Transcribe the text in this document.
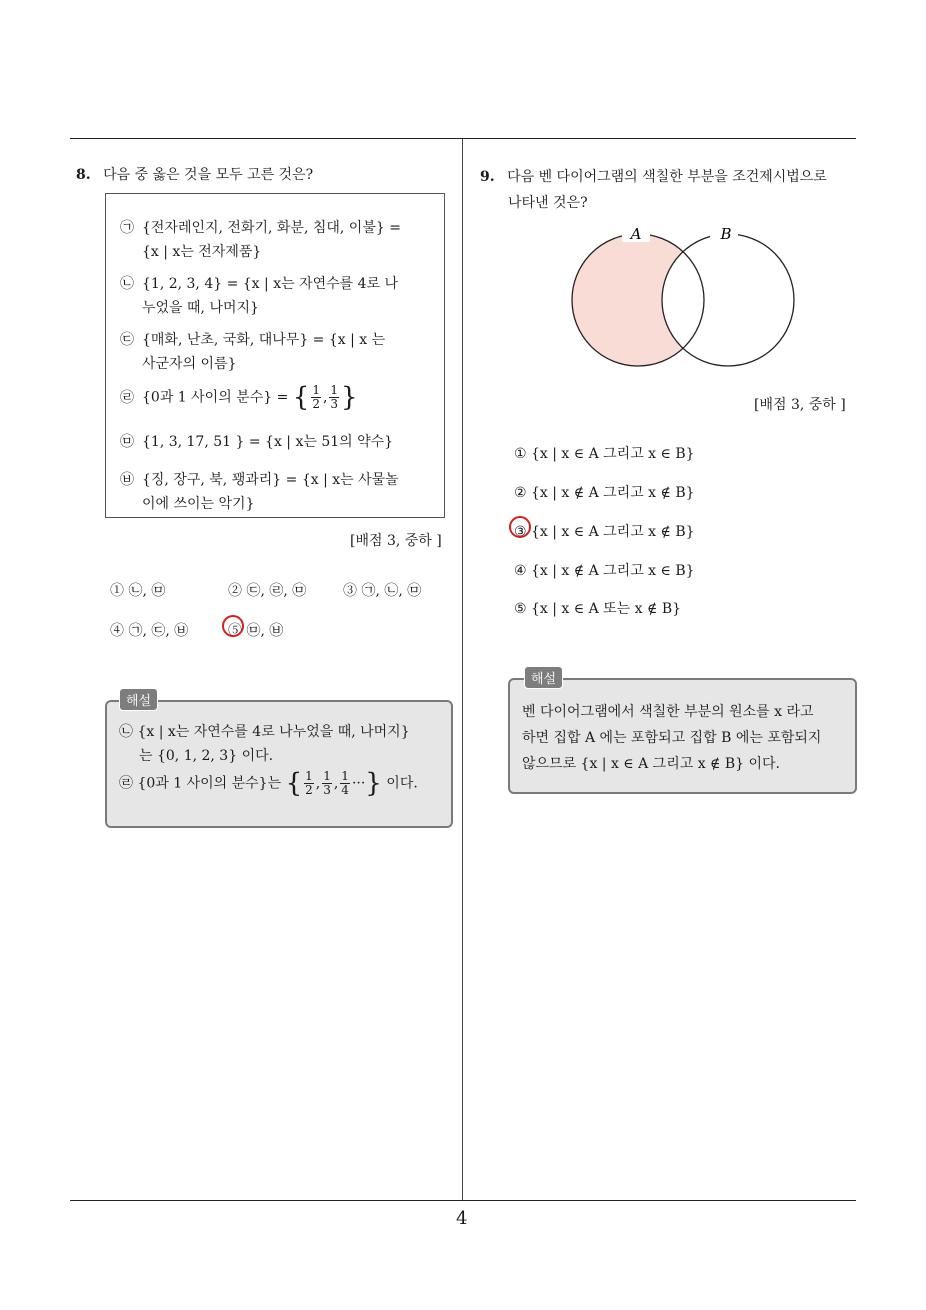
4
8. 다음 중 옳은 것을 모두 고른 것은?
㉠ {전자레인지, 전화기, 화분, 침대, 이불} =
{x | x는 전자제품}
㉡ {1, 2, 3, 4} = {x | x는 자연수를 4로 나
누었을 때, 나머지}
㉢ {매화, 난초, 국화, 대나무} = {x | x 는
사군자의 이름}
㉣ {0과 1 사이의 분수} = { $\frac{1}{2}$ , $\frac{1}{3}$ }
㉤ {1, 3, 17, 51 } = {x | x는 51의 약수}
㉥ {징, 장구, 북, 꽹과리} = {x | x는 사물놀
이에 쓰이는 악기}
[배점 3, 중하 ]
① ㉡, ㉤	② ㉢, ㉣, ㉤	③ ㉠, ㉡, ㉤
④ ㉠, ㉢, ㉥	⑤ ㉤, ㉥
해설
㉡ {x | x는 자연수를 4로 나누었을 때, 나머지}
는 {0, 1, 2, 3} 이다.
㉣ {0과 1 사이의 분수}는 { $\frac{1}{2}$ , $\frac{1}{3}$ , $\frac{1}{4}$ ···} 이다.
9. 다음 벤 다이어그램의 색칠한 부분을 조건제시법으로
나타낸 것은?
A	B
[배점 3, 중하 ]
① {x | x ∈ A 그리고 x ∈ B}
② {x | x ∉ A 그리고 x ∉ B}
③ {x | x ∈ A 그리고 x ∉ B}
④ {x | x ∉ A 그리고 x ∈ B}
⑤ {x | x ∈ A 또는 x ∉ B}
해설
벤 다이어그램에서 색칠한 부분의 원소를 x 라고
하면 집합 A 에는 포함되고 집합 B 에는 포함되지
않으므로 {x | x ∈ A 그리고 x ∉ B} 이다.
